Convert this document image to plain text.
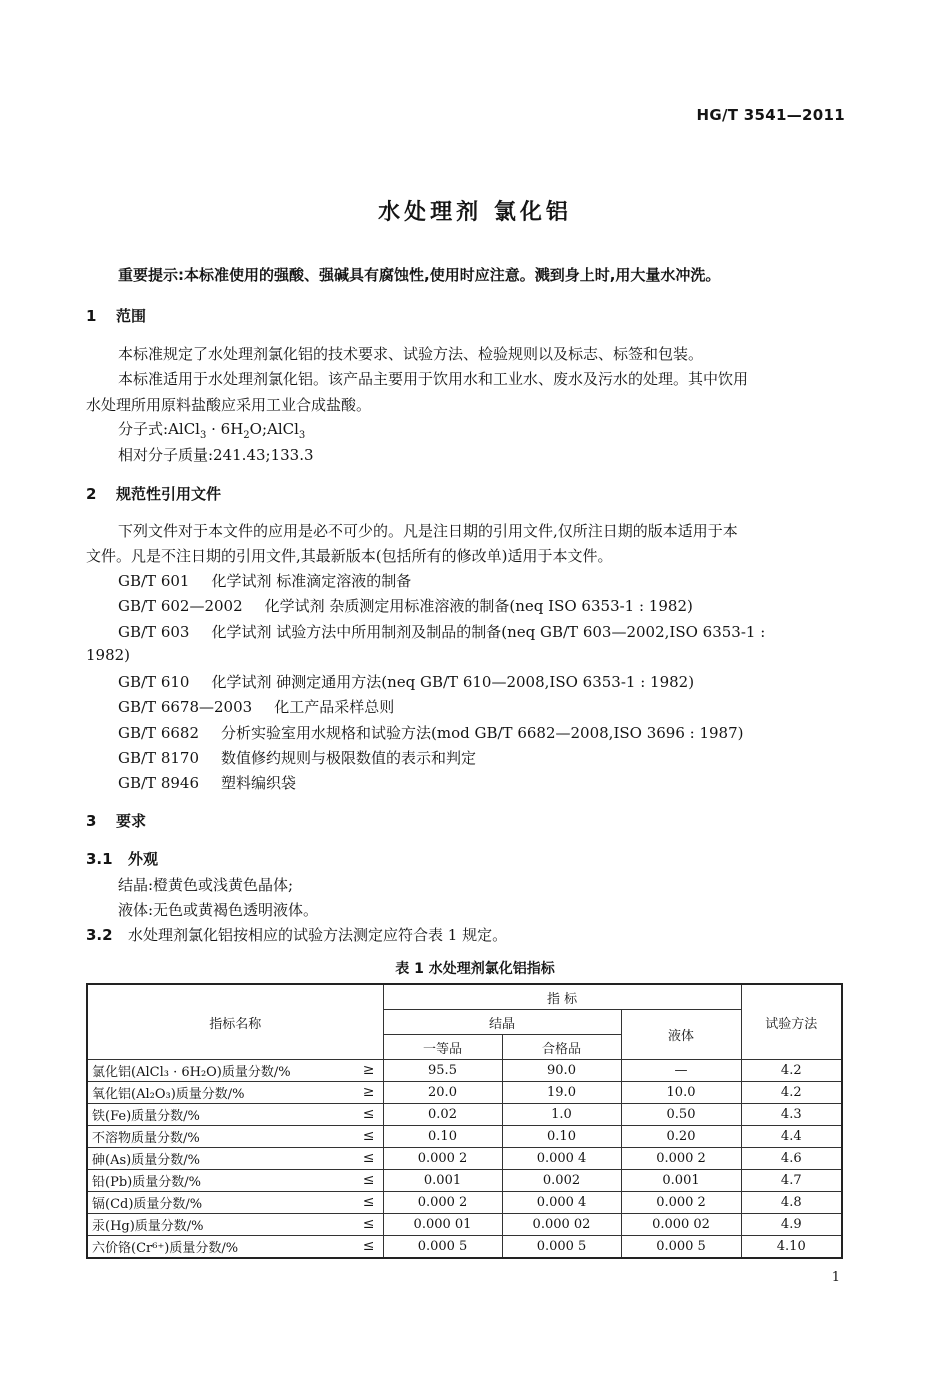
HG/T 3541—2011
水处理剂 氯化铝
重要提示:本标准使用的强酸、强碱具有腐蚀性,使用时应注意。溅到身上时,用大量水冲洗。
1 范围
本标准规定了水处理剂氯化铝的技术要求、试验方法、检验规则以及标志、标签和包装。
本标准适用于水处理剂氯化铝。该产品主要用于饮用水和工业水、废水及污水的处理。其中饮用
水处理所用原料盐酸应采用工业合成盐酸。
分子式:AlCl$_3$ · $6H_2O;AlCl_3$
相对分子质量:241.43;133.3
2 规范性引用文件
下列文件对于本文件的应用是必不可少的。凡是注日期的引用文件,仅所注日期的版本适用于本
文件。凡是不注日期的引用文件,其最新版本(包括所有的修改单)适用于本文件。
GB/T 601 化学试剂 标准滴定溶液的制备
GB/T 602—2002 化学试剂 杂质测定用标准溶液的制备(neq ISO 6353-1 : 1982)
GB/T 603 化学试剂 试验方法中所用制剂及制品的制备(neq GB/T 603—2002,ISO 6353-1 :
1982)
GB/T 610 化学试剂 砷测定通用方法(neq GB/T 610—2008,ISO 6353-1 : 1982)
GB/T 6678—2003 化工产品采样总则
GB/T 6682 分析实验室用水规格和试验方法(mod GB/T 6682—2008,ISO 3696 : 1987)
GB/T 8170 数值修约规则与极限数值的表示和判定
GB/T 8946 塑料编织袋
3 要求
3.1 外观
结晶:橙黄色或浅黄色晶体;
液体:无色或黄褐色透明液体。
3.2 水处理剂氯化铝按相应的试验方法测定应符合表 1 规定。
表 1 水处理剂氯化铝指标
指标名称	指 标			试验方法
	结晶		液体	
	一等品	合格品		
氯化铝(AlCl₃ · 6H₂O)质量分数/% ≥	95.5	90.0	—	4.2
氧化铝(Al₂O₃)质量分数/% ≥	20.0	19.0	10.0	4.2
铁(Fe)质量分数/% ≤	0.02	1.0	0.50	4.3
不溶物质量分数/% ≤	0.10	0.10	0.20	4.4
砷(As)质量分数/% ≤	0.000 2	0.000 4	0.000 2	4.6
铅(Pb)质量分数/% ≤	0.001	0.002	0.001	4.7
镉(Cd)质量分数/% ≤	0.000 2	0.000 4	0.000 2	4.8
汞(Hg)质量分数/% ≤	0.000 01	0.000 02	0.000 02	4.9
六价铬(Cr⁶⁺)质量分数/% ≤	0.000 5	0.000 5	0.000 5	4.10
1
